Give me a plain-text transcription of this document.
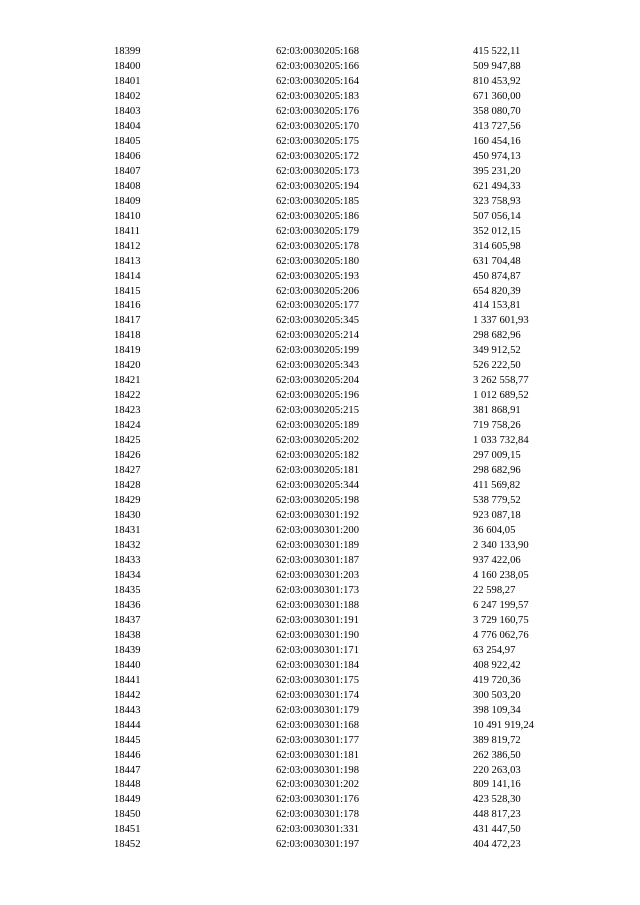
18399	62:03:0030205:168	415 522,11
18400	62:03:0030205:166	509 947,88
18401	62:03:0030205:164	810 453,92
18402	62:03:0030205:183	671 360,00
18403	62:03:0030205:176	358 080,70
18404	62:03:0030205:170	413 727,56
18405	62:03:0030205:175	160 454,16
18406	62:03:0030205:172	450 974,13
18407	62:03:0030205:173	395 231,20
18408	62:03:0030205:194	621 494,33
18409	62:03:0030205:185	323 758,93
18410	62:03:0030205:186	507 056,14
18411	62:03:0030205:179	352 012,15
18412	62:03:0030205:178	314 605,98
18413	62:03:0030205:180	631 704,48
18414	62:03:0030205:193	450 874,87
18415	62:03:0030205:206	654 820,39
18416	62:03:0030205:177	414 153,81
18417	62:03:0030205:345	1 337 601,93
18418	62:03:0030205:214	298 682,96
18419	62:03:0030205:199	349 912,52
18420	62:03:0030205:343	526 222,50
18421	62:03:0030205:204	3 262 558,77
18422	62:03:0030205:196	1 012 689,52
18423	62:03:0030205:215	381 868,91
18424	62:03:0030205:189	719 758,26
18425	62:03:0030205:202	1 033 732,84
18426	62:03:0030205:182	297 009,15
18427	62:03:0030205:181	298 682,96
18428	62:03:0030205:344	411 569,82
18429	62:03:0030205:198	538 779,52
18430	62:03:0030301:192	923 087,18
18431	62:03:0030301:200	36 604,05
18432	62:03:0030301:189	2 340 133,90
18433	62:03:0030301:187	937 422,06
18434	62:03:0030301:203	4 160 238,05
18435	62:03:0030301:173	22 598,27
18436	62:03:0030301:188	6 247 199,57
18437	62:03:0030301:191	3 729 160,75
18438	62:03:0030301:190	4 776 062,76
18439	62:03:0030301:171	63 254,97
18440	62:03:0030301:184	408 922,42
18441	62:03:0030301:175	419 720,36
18442	62:03:0030301:174	300 503,20
18443	62:03:0030301:179	398 109,34
18444	62:03:0030301:168	10 491 919,24
18445	62:03:0030301:177	389 819,72
18446	62:03:0030301:181	262 386,50
18447	62:03:0030301:198	220 263,03
18448	62:03:0030301:202	809 141,16
18449	62:03:0030301:176	423 528,30
18450	62:03:0030301:178	448 817,23
18451	62:03:0030301:331	431 447,50
18452	62:03:0030301:197	404 472,23
